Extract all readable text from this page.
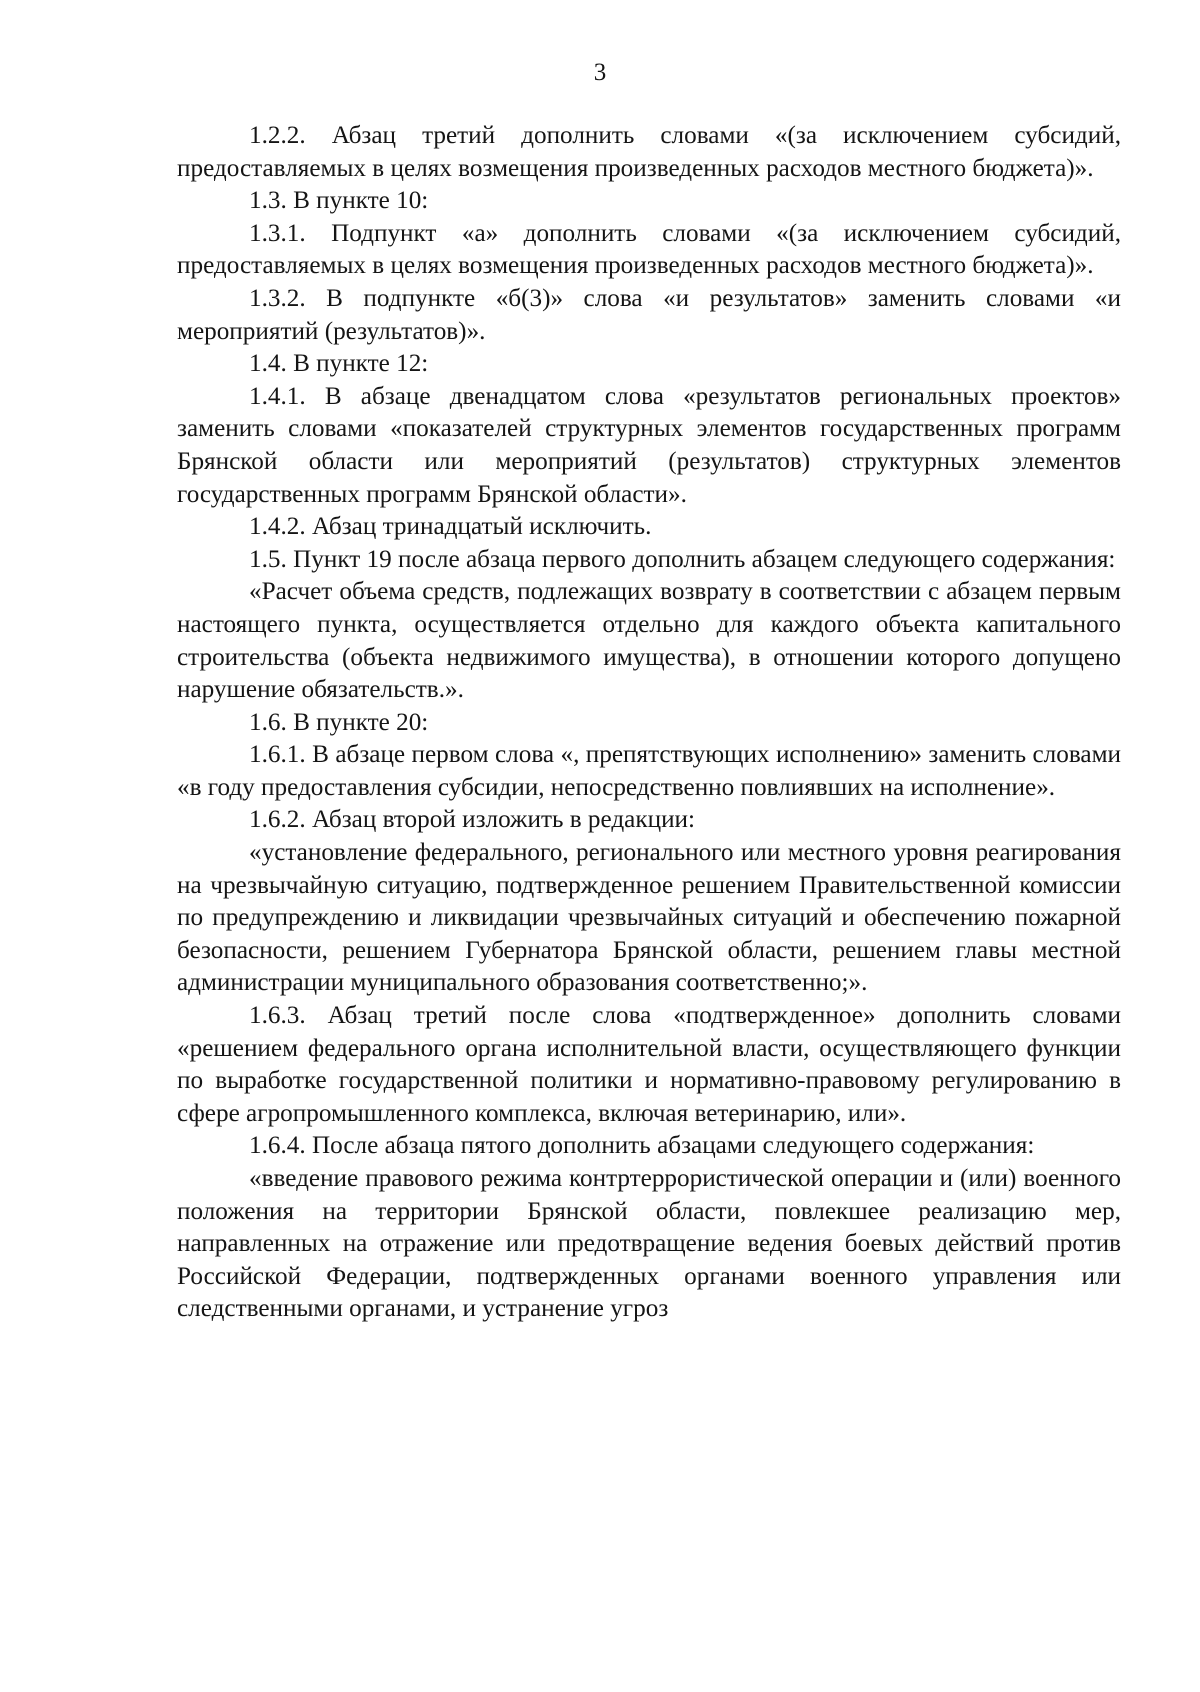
3

1.2.2. Абзац третий дополнить словами «(за исключением субсидий, предоставляемых в целях возмещения произведенных расходов местного бюджета)».

1.3. В пункте 10:

1.3.1. Подпункт «а» дополнить словами «(за исключением субсидий, предоставляемых в целях возмещения произведенных расходов местного бюджета)».

1.3.2. В подпункте «б(3)» слова «и результатов» заменить словами «и мероприятий (результатов)».

1.4. В пункте 12:

1.4.1. В абзаце двенадцатом слова «результатов региональных проектов» заменить словами «показателей структурных элементов государственных программ Брянской области или мероприятий (результатов) структурных элементов государственных программ Брянской области».

1.4.2. Абзац тринадцатый исключить.

1.5. Пункт 19 после абзаца первого дополнить абзацем следующего содержания:

«Расчет объема средств, подлежащих возврату в соответствии с абзацем первым настоящего пункта, осуществляется отдельно для каждого объекта капитального строительства (объекта недвижимого имущества), в отношении которого допущено нарушение обязательств.».

1.6. В пункте 20:

1.6.1. В абзаце первом слова «, препятствующих исполнению» заменить словами «в году предоставления субсидии, непосредственно повлиявших на исполнение».

1.6.2. Абзац второй изложить в редакции:

«установление федерального, регионального или местного уровня реагирования на чрезвычайную ситуацию, подтвержденное решением Правительственной комиссии по предупреждению и ликвидации чрезвычайных ситуаций и обеспечению пожарной безопасности, решением Губернатора Брянской области, решением главы местной администрации муниципального образования соответственно;».

1.6.3. Абзац третий после слова «подтвержденное» дополнить словами «решением федерального органа исполнительной власти, осуществляющего функции по выработке государственной политики и нормативно-правовому регулированию в сфере агропромышленного комплекса, включая ветеринарию, или».

1.6.4. После абзаца пятого дополнить абзацами следующего содержания:

«введение правового режима контртеррористической операции и (или) военного положения на территории Брянской области, повлекшее реализацию мер, направленных на отражение или предотвращение ведения боевых действий против Российской Федерации, подтвержденных органами военного управления или следственными органами, и устранение угроз
